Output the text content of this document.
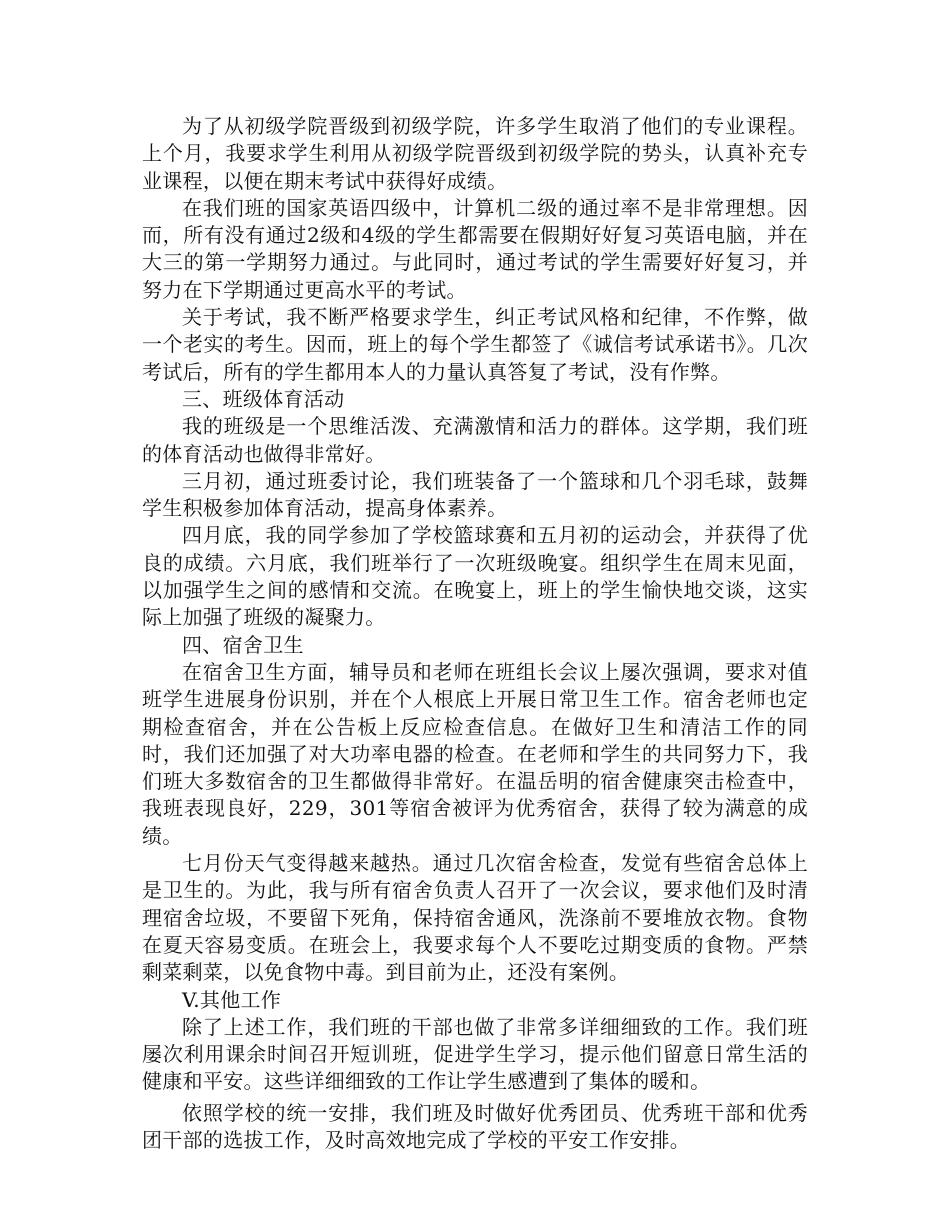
为了从初级学院晋级到初级学院，许多学生取消了他们的专业课程。上个月，我要求学生利用从初级学院晋级到初级学院的势头，认真补充专业课程，以便在期末考试中获得好成绩。

在我们班的国家英语四级中，计算机二级的通过率不是非常理想。因而，所有没有通过2级和4级的学生都需要在假期好好复习英语电脑，并在大三的第一学期努力通过。与此同时，通过考试的学生需要好好复习，并努力在下学期通过更高水平的考试。

关于考试，我不断严格要求学生，纠正考试风格和纪律，不作弊，做一个老实的考生。因而，班上的每个学生都签了《诚信考试承诺书》。几次考试后，所有的学生都用本人的力量认真答复了考试，没有作弊。

三、班级体育活动

我的班级是一个思维活泼、充满激情和活力的群体。这学期，我们班的体育活动也做得非常好。

三月初，通过班委讨论，我们班装备了一个篮球和几个羽毛球，鼓舞学生积极参加体育活动，提高身体素养。

四月底，我的同学参加了学校篮球赛和五月初的运动会，并获得了优良的成绩。六月底，我们班举行了一次班级晚宴。组织学生在周末见面，以加强学生之间的感情和交流。在晚宴上，班上的学生愉快地交谈，这实际上加强了班级的凝聚力。

四、宿舍卫生

在宿舍卫生方面，辅导员和老师在班组长会议上屡次强调，要求对值班学生进展身份识别，并在个人根底上开展日常卫生工作。宿舍老师也定期检查宿舍，并在公告板上反应检查信息。在做好卫生和清洁工作的同时，我们还加强了对大功率电器的检查。在老师和学生的共同努力下，我们班大多数宿舍的卫生都做得非常好。在温岳明的宿舍健康突击检查中，我班表现良好，229，301等宿舍被评为优秀宿舍，获得了较为满意的成绩。

七月份天气变得越来越热。通过几次宿舍检查，发觉有些宿舍总体上是卫生的。为此，我与所有宿舍负责人召开了一次会议，要求他们及时清理宿舍垃圾，不要留下死角，保持宿舍通风，洗涤前不要堆放衣物。食物在夏天容易变质。在班会上，我要求每个人不要吃过期变质的食物。严禁剩菜剩菜，以免食物中毒。到目前为止，还没有案例。

V.其他工作

除了上述工作，我们班的干部也做了非常多详细细致的工作。我们班屡次利用课余时间召开短训班，促进学生学习，提示他们留意日常生活的健康和平安。这些详细细致的工作让学生感遭到了集体的暖和。

依照学校的统一安排，我们班及时做好优秀团员、优秀班干部和优秀团干部的选拔工作，及时高效地完成了学校的平安工作安排。
